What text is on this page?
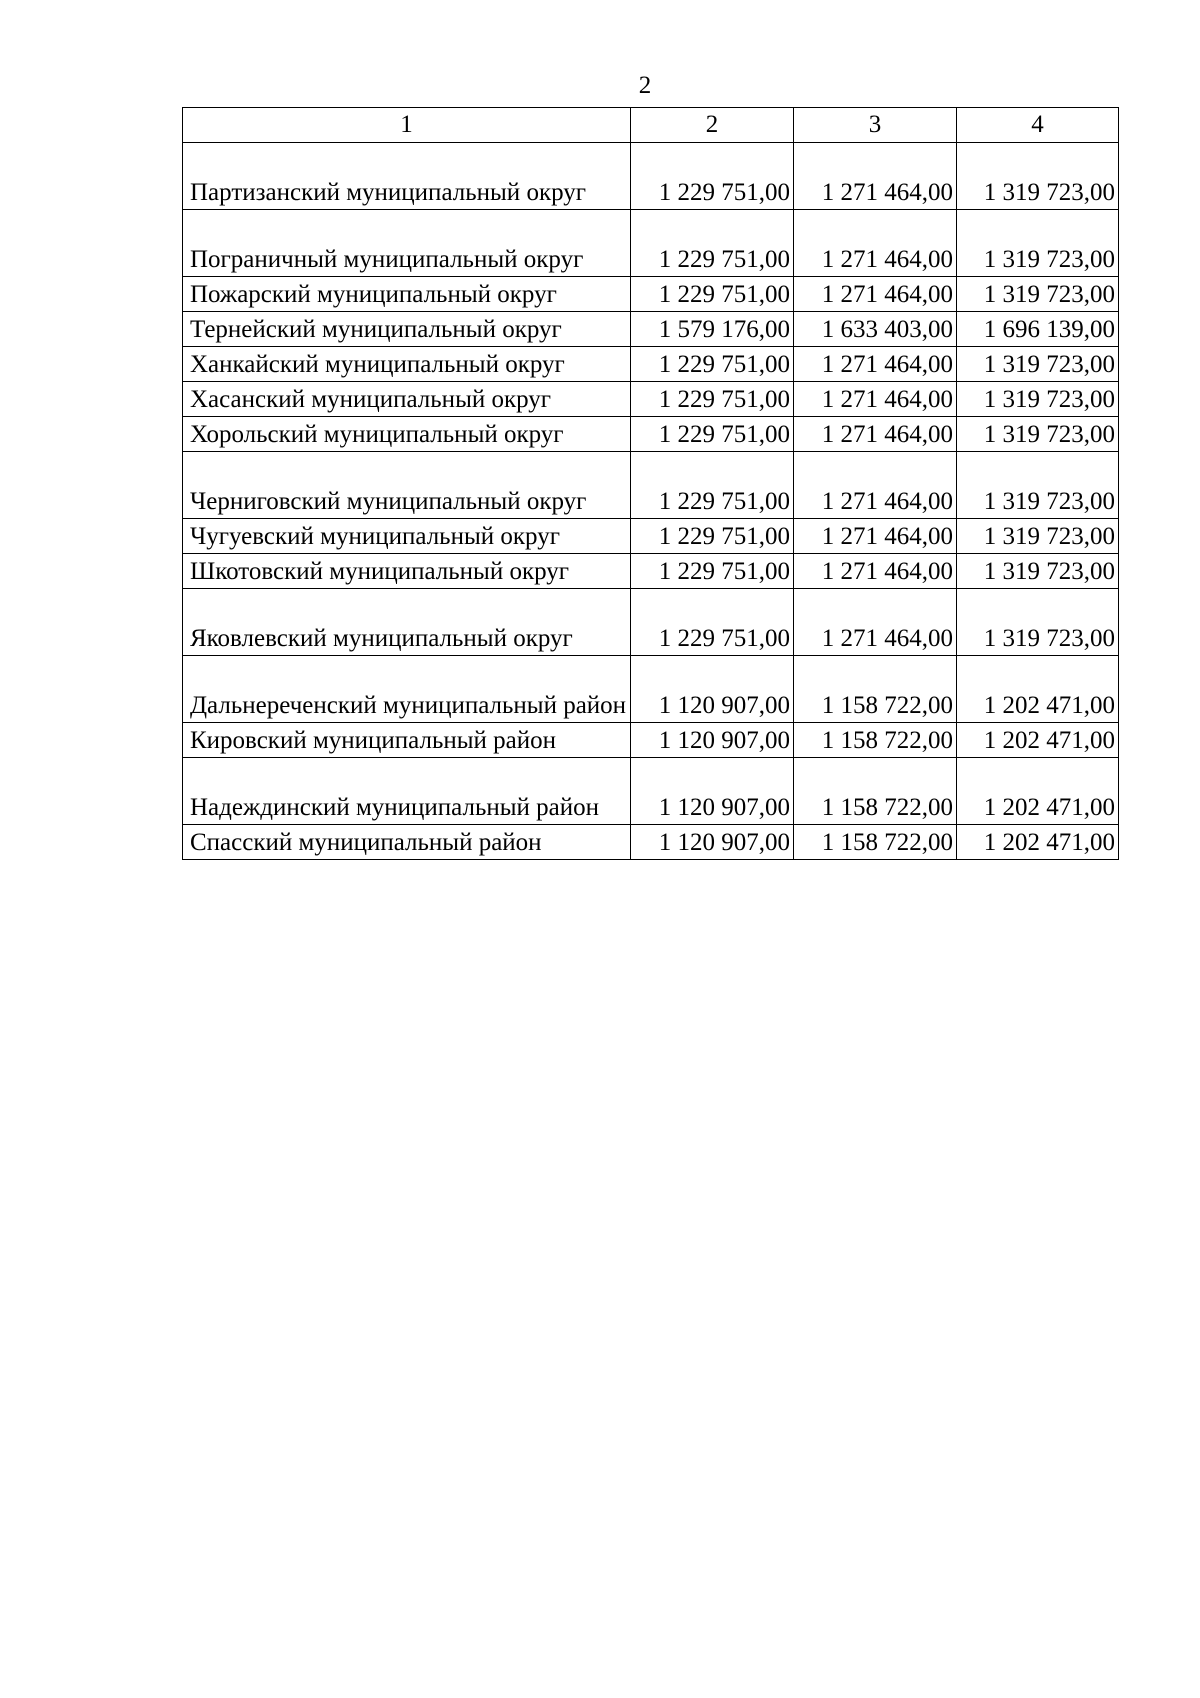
2
1	2	3	4
Партизанский муниципальный округ	1 229 751,00	1 271 464,00	1 319 723,00
Пограничный муниципальный округ	1 229 751,00	1 271 464,00	1 319 723,00
Пожарский муниципальный округ	1 229 751,00	1 271 464,00	1 319 723,00
Тернейский муниципальный округ	1 579 176,00	1 633 403,00	1 696 139,00
Ханкайский муниципальный округ	1 229 751,00	1 271 464,00	1 319 723,00
Хасанский муниципальный округ	1 229 751,00	1 271 464,00	1 319 723,00
Хорольский муниципальный округ	1 229 751,00	1 271 464,00	1 319 723,00
Черниговский муниципальный округ	1 229 751,00	1 271 464,00	1 319 723,00
Чугуевский муниципальный округ	1 229 751,00	1 271 464,00	1 319 723,00
Шкотовский муниципальный округ	1 229 751,00	1 271 464,00	1 319 723,00
Яковлевский муниципальный округ	1 229 751,00	1 271 464,00	1 319 723,00
Дальнереченский муниципальный район	1 120 907,00	1 158 722,00	1 202 471,00
Кировский муниципальный район	1 120 907,00	1 158 722,00	1 202 471,00
Надеждинский муниципальный район	1 120 907,00	1 158 722,00	1 202 471,00
Спасский муниципальный район	1 120 907,00	1 158 722,00	1 202 471,00
